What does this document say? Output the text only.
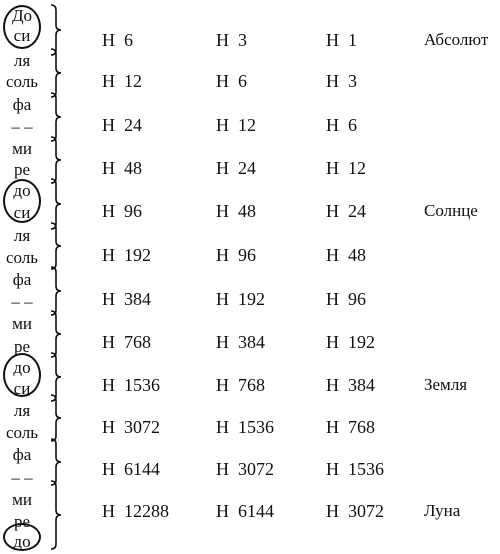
До
си
ля
соль
фа
– –
ми
ре
до
си
ля
соль
фа
– –
ми
ре
до
си
ля
соль
фа
– –
ми
ре
до
Н  6	Н  3	Н  1	Абсолют
Н  12	Н  6	Н  3
Н  24	Н  12	Н  6
Н  48	Н  24	Н  12
Н  96	Н  48	Н  24	Солнце
Н  192	Н  96	Н  48
Н  384	Н  192	Н  96
Н  768	Н  384	Н  192
Н  1536	Н  768	Н  384	Земля
Н  3072	Н  1536	Н  768
Н  6144	Н  3072	Н  1536
Н  12288	Н  6144	Н  3072 Луна
